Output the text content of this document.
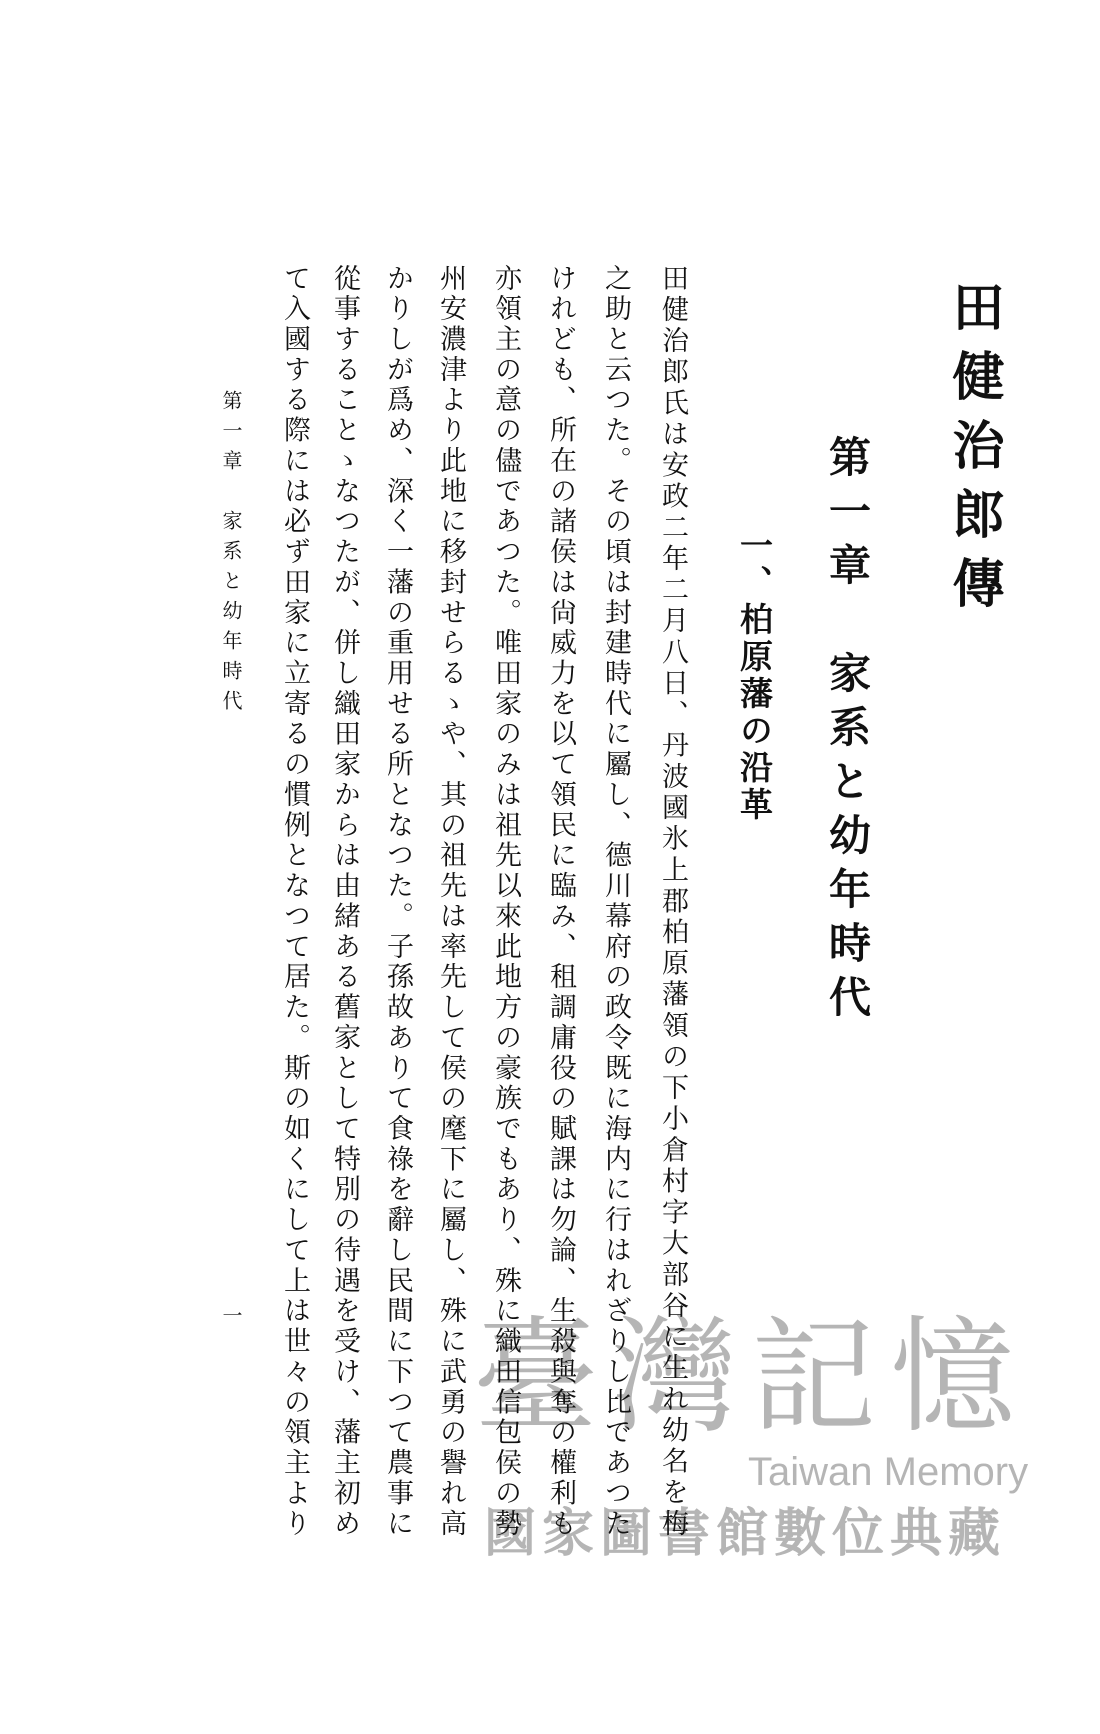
田健治郎傳
第一章　家系と幼年時代
一、柏原藩の沿革
田健治郎氏は安政二年二月八日、丹波國氷上郡柏原藩領の下小倉村字大部谷に生れ幼名を梅
之助と云つた。その頃は封建時代に屬し、德川幕府の政令既に海内に行はれざりし比であつた
けれども、所在の諸侯は尙威力を以て領民に臨み、租調庸役の賦課は勿論、生殺與奪の權利も
亦領主の意の儘であつた。唯田家のみは祖先以來此地方の豪族でもあり、殊に織田信包侯の勢
州安濃津より此地に移封せらるゝや、其の祖先は率先して侯の麾下に屬し、殊に武勇の譽れ高
かりしが爲め、深く一藩の重用せる所となつた。子孫故ありて食祿を辭し民間に下つて農事に
從事することゝなつたが、併し織田家からは由緒ある舊家として特別の待遇を受け、藩主初め
て入國する際には必ず田家に立寄るの慣例となつて居た。斯の如くにして上は世々の領主より
第一章　家系と幼年時代
一 臺灣記憶
Taiwan Memory
國家圖書館數位典藏
